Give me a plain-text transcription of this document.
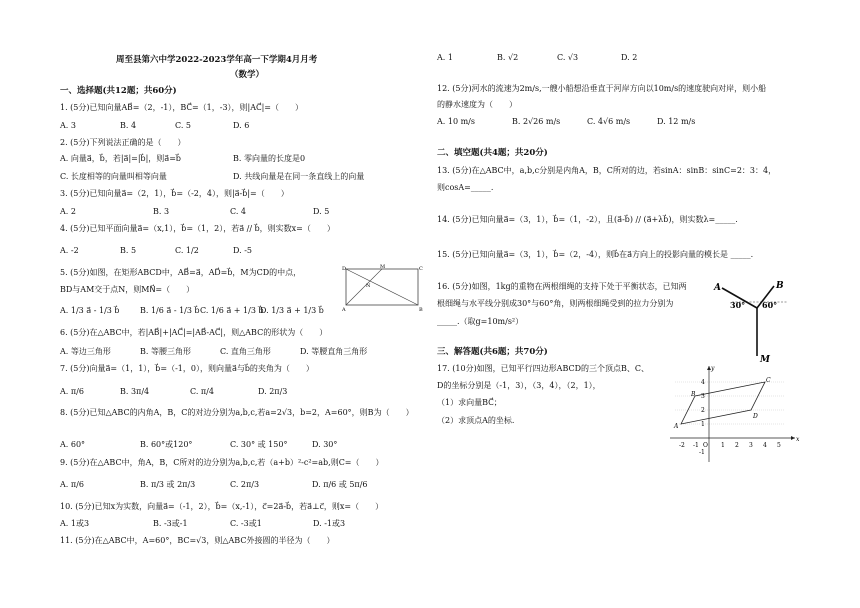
周至县第六中学2022-2023学年高一下学期4月月考
（数学）
一、选择题(共12题；共60分)
1. (5分)已知向量AB⃗=（2，-1），BC⃗=（1，-3），则|AC⃗|=（　　）
A. 3	B. 4	C. 5	D. 6
2. (5分)下列说法正确的是（　　）
A. 向量a⃗，b⃗，若|a⃗|=|b⃗|，则a⃗=b⃗	B. 零向量的长度是0
C. 长度相等的向量叫相等向量	D. 共线向量是在同一条直线上的向量
3. (5分)已知向量a⃗=（2，1），b⃗=（-2，4），则|a⃗-b⃗|=（　　）
A. 2	B. 3	C. 4	D. 5
4. (5分)已知平面向量a⃗=（x,1），b⃗=（1，2），若a⃗ // b⃗，则实数x=（　　）
A. -2	B. 5	C. 1/2	D. -5
5. (5分)如图，在矩形ABCD中，AB⃗=a⃗，AD⃗=b⃗，M为CD的中点，
BD与AM交于点N，则MN⃗=（　　）
D	M	C
N
A	B
A. 1/3 a⃗ - 1/3 b⃗	B. 1/6 a⃗ - 1/3 b⃗ C. 1/6 a⃗ + 1/3 b⃗
D. 1/3 a⃗ + 1/3 b⃗
6. (5分)在△ABC中，若|AB⃗|+|AC⃗|=|AB⃗-AC⃗|，则△ABC的形状为（　　）
A. 等边三角形	B. 等腰三角形	C. 直角三角形	D. 等腰直角三角形
7. (5分)向量a⃗=（1，1），b⃗=（-1，0），则向量a⃗与b⃗的夹角为（　　）
A. π/6	B. 3π/4	C. π/4	D. 2π/3
8. (5分)已知△ABC的内角A，B，C的对边分别为a,b,c,若a=2√3，b=2，A=60°，则B为（　　）
A. 60°	B. 60°或120°	C. 30° 或 150°	D. 30°
9. (5分)在△ABC中，角A，B，C所对的边分别为a,b,c,若（a+b）²-c²=ab,则C=（　　）
A. π/6	B. π/3 或 2π/3	C. 2π/3	D. π/6 或 5π/6
10. (5分)已知x为实数，向量a⃗=（-1，2），b⃗=（x,-1），c⃗=2a⃗-b⃗，若a⃗⊥c⃗，则x=（　　）
A. 1或3	B. -3或-1	C. -3或1	D. -1或3
11. (5分)在△ABC中，A=60°，BC=√3，则△ABC外接圆的半径为（　　）
A. 1	B. √2	C. √3	D. 2
12. (5分)河水的流速为2m/s,一艘小船想沿垂直于河岸方向以10m/s的速度驶向对岸，则小船
的静水速度为（　　）
A. 10 m/s	B. 2√26 m/s	C. 4√6 m/s	D. 12 m/s
二、填空题(共4题；共20分)
13. (5分)在△ABC中，a,b,c分别是内角A，B，C所对的边，若sinA：sinB：sinC=2：3：4，
则cosA=_____.
14. (5分)已知向量a⃗=（3，1），b⃗=（1，-2），且(a⃗-b⃗) // (a⃗+λb⃗)，则实数λ=_____.
15. (5分)已知向量a⃗=（3，1），b⃗=（2，-4），则b⃗在a⃗方向上的投影向量的模长是 _____.
16. (5分)如图，1kg的重物在两根细绳的支持下处于平衡状态，已知两
根细绳与水平线分别成30°与60°角，则两根细绳受到的拉力分别为
_____.（取g=10m/s²）
A	B
M
30° 60°
三、解答题(共6题；共70分)
17. (10分)如图，已知平行四边形ABCD的三个顶点B、C、
D的坐标分别是（-1，3），（3，4），（2，1），
（1）求向量BC⃗；
（2）求顶点A的坐标.
x
y
-2 -1 O 1 2 3 4 5
4
3
2
1
-1
A
B
C
D
